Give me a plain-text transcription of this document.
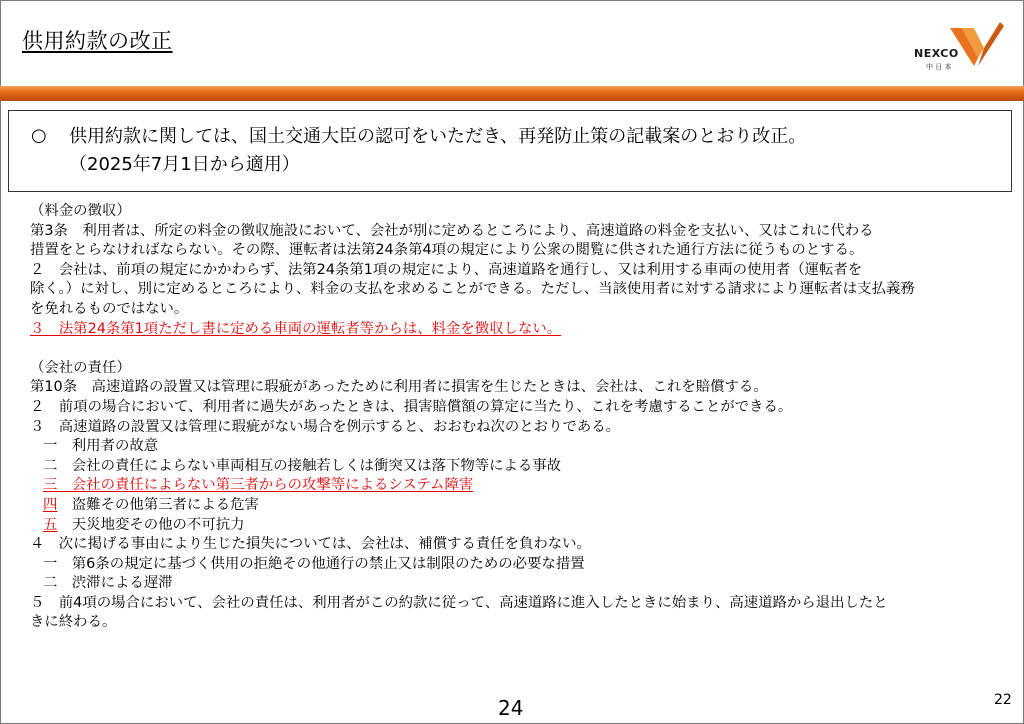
供用約款の改正
NEXCO
中 日 本
○ 供用約款に関しては、国土交通大臣の認可をいただき、再発防止策の記載案のとおり改正。
（2025年7月1日から適用）
（料金の徴収）
第3条　利用者は、所定の料金の徴収施設において、会社が別に定めるところにより、高速道路の料金を支払い、又はこれに代わる
措置をとらなければならない。その際、運転者は法第24条第4項の規定により公衆の閲覧に供された通行方法に従うものとする。
２　会社は、前項の規定にかかわらず、法第24条第1項の規定により、高速道路を通行し、又は利用する車両の使用者（運転者を
除く。）に対し、別に定めるところにより、料金の支払を求めることができる。ただし、当該使用者に対する請求により運転者は支払義務
を免れるものではない。
３　法第24条第1項ただし書に定める車両の運転者等からは、料金を徴収しない。
（会社の責任）
第10条　高速道路の設置又は管理に瑕疵があったために利用者に損害を生じたときは、会社は、これを賠償する。
２　前項の場合において、利用者に過失があったときは、損害賠償額の算定に当たり、これを考慮することができる。
３　高速道路の設置又は管理に瑕疵がない場合を例示すると、おおむね次のとおりである。
一　利用者の故意
二　会社の責任によらない車両相互の接触若しくは衝突又は落下物等による事故
三　会社の責任によらない第三者からの攻撃等によるシステム障害
四　盗難その他第三者による危害
五　天災地変その他の不可抗力
４　次に掲げる事由により生じた損失については、会社は、補償する責任を負わない。
一　第6条の規定に基づく供用の拒絶その他通行の禁止又は制限のための必要な措置
二　渋滞による遅滞
５　前4項の場合において、会社の責任は、利用者がこの約款に従って、高速道路に進入したときに始まり、高速道路から退出したと
きに終わる。
24	22
